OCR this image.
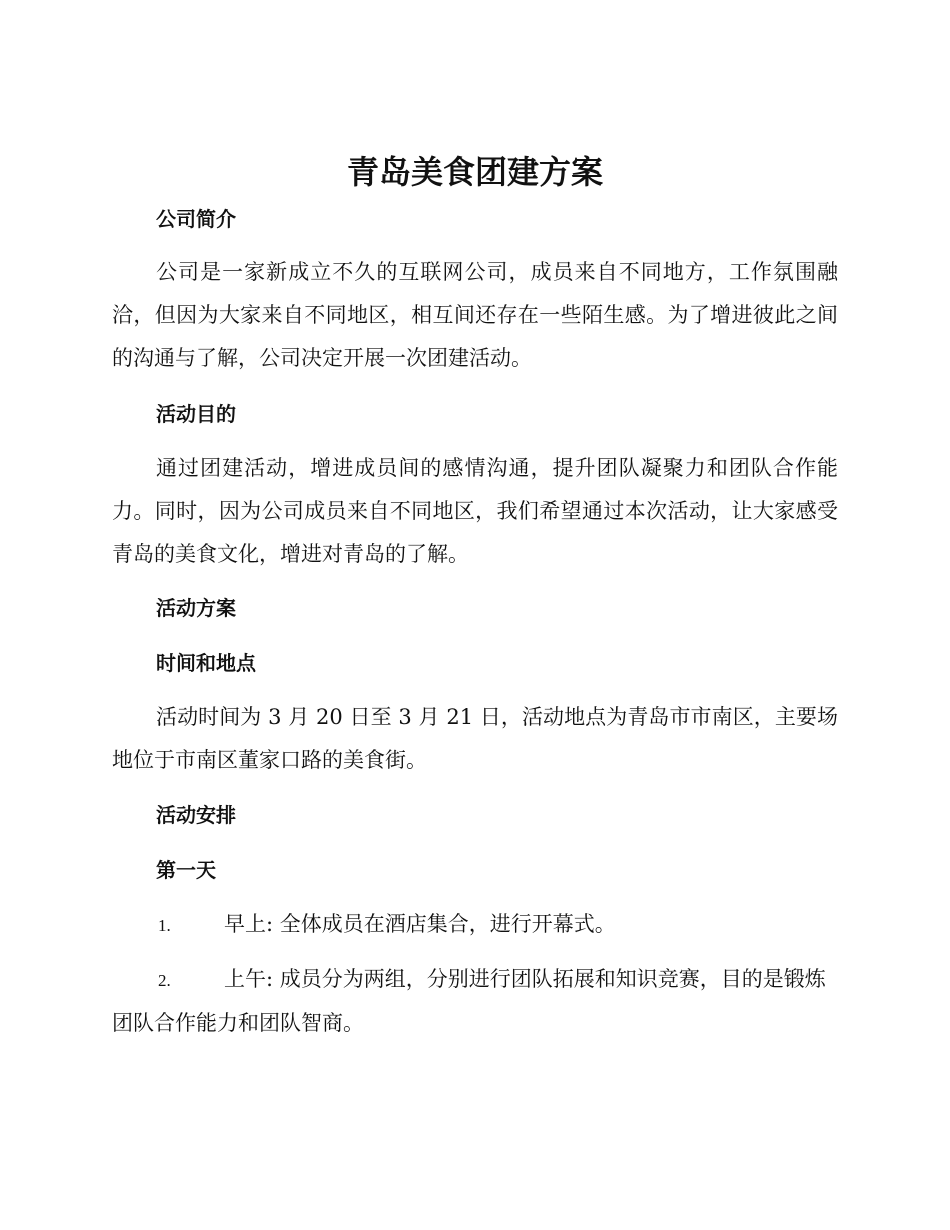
青岛美食团建方案
公司简介

公司是一家新成立不久的互联网公司，成员来自不同地方，工作氛围融洽，但因为大家来自不同地区，相互间还存在一些陌生感。为了增进彼此之间的沟通与了解，公司决定开展一次团建活动。

活动目的

通过团建活动，增进成员间的感情沟通，提升团队凝聚力和团队合作能力。同时，因为公司成员来自不同地区，我们希望通过本次活动，让大家感受青岛的美食文化，增进对青岛的了解。

活动方案
时间和地点

活动时间为 3 月 20 日至 3 月 21 日，活动地点为青岛市市南区，主要场地位于市南区董家口路的美食街。

活动安排
第一天
1.	早上: 全体成员在酒店集合，进行开幕式。
2.	上午: 成员分为两组，分别进行团队拓展和知识竞赛，目的是锻炼团队合作能力和团队智商。
